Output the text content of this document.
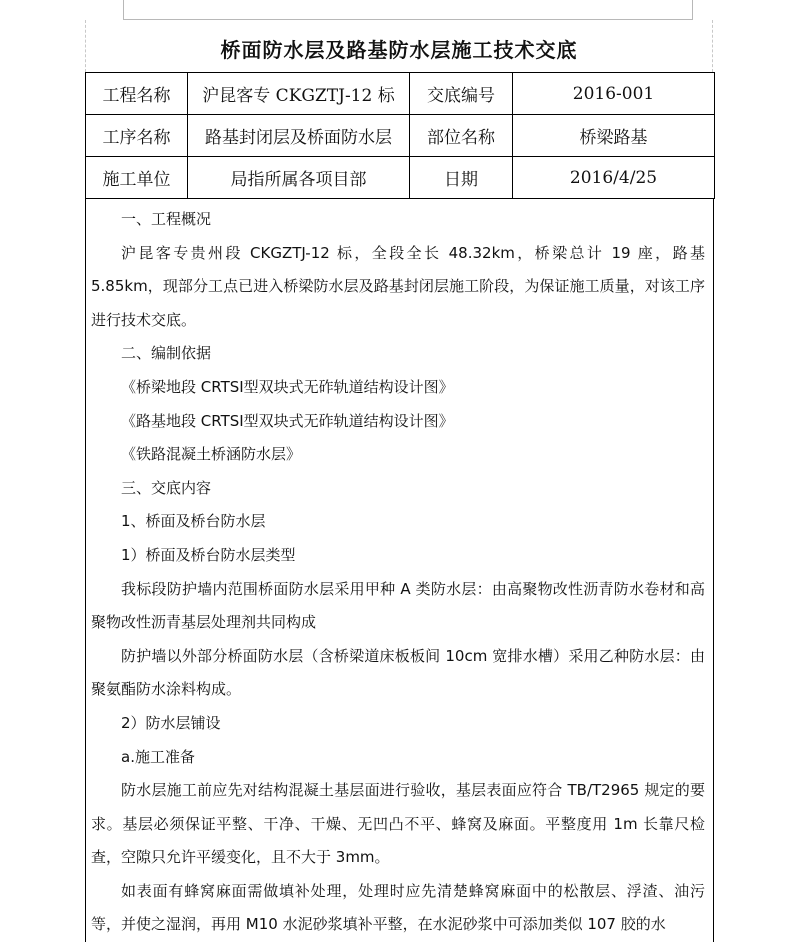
桥面防水层及路基防水层施工技术交底
工程名称	沪昆客专 CKGZTJ-12 标	交底编号	2016-001
工序名称	路基封闭层及桥面防水层	部位名称	桥梁路基
施工单位	局指所属各项目部	日期	2016/4/25

一、工程概况

沪昆客专贵州段 CKGZTJ-12 标，全段全长 48.32km，桥梁总计 19 座，路基 5.85km，现部分工点已进入桥梁防水层及路基封闭层施工阶段，为保证施工质量，对该工序进行技术交底。

二、编制依据

《桥梁地段 CRTSⅠ型双块式无砟轨道结构设计图》

《路基地段 CRTSⅠ型双块式无砟轨道结构设计图》

《铁路混凝土桥涵防水层》

三、交底内容

1、桥面及桥台防水层

1）桥面及桥台防水层类型

我标段防护墙内范围桥面防水层采用甲种 A 类防水层：由高聚物改性沥青防水卷材和高聚物改性沥青基层处理剂共同构成

防护墙以外部分桥面防水层（含桥梁道床板板间 10cm 宽排水槽）采用乙种防水层：由聚氨酯防水涂料构成。

2）防水层铺设

a.施工准备

防水层施工前应先对结构混凝土基层面进行验收，基层表面应符合 TB/T2965 规定的要求。基层必须保证平整、干净、干燥、无凹凸不平、蜂窝及麻面。平整度用 1m 长靠尺检查，空隙只允许平缓变化，且不大于 3mm。

如表面有蜂窝麻面需做填补处理，处理时应先清楚蜂窝麻面中的松散层、浮渣、油污等，并使之湿润，再用 M10 水泥砂浆填补平整，在水泥砂浆中可添加类似 107 胶的水
